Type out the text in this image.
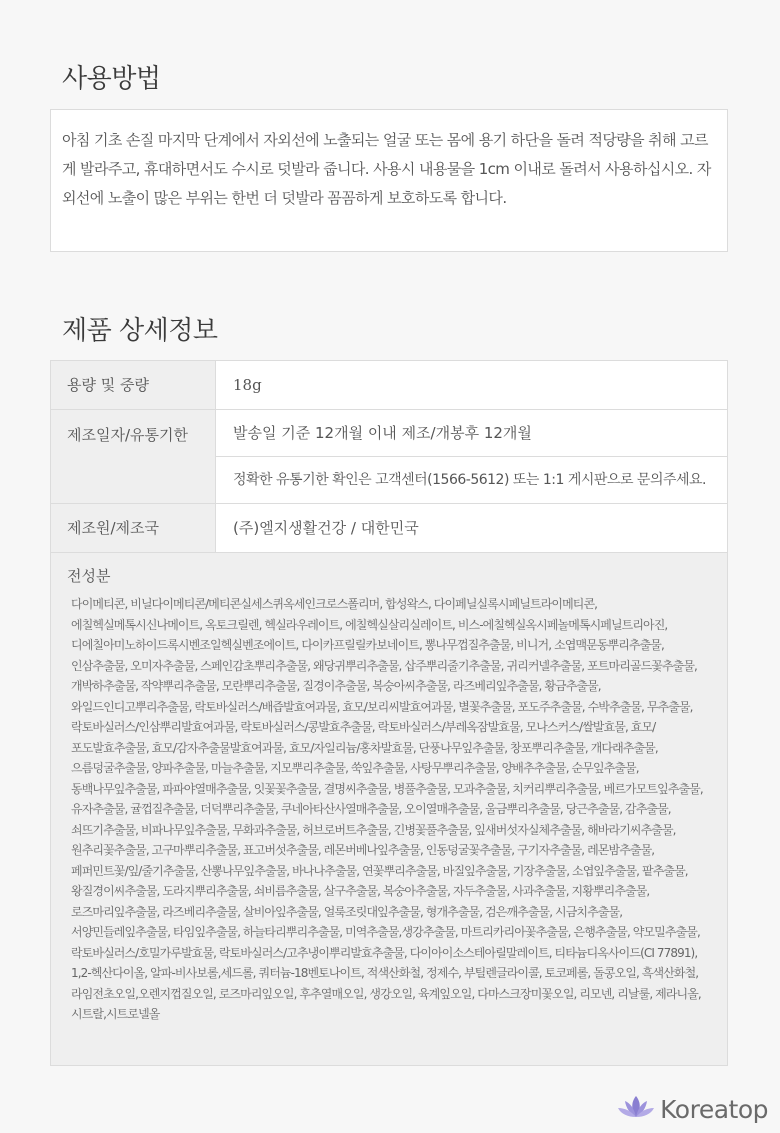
사용방법
아침 기초 손질 마지막 단계에서 자외선에 노출되는 얼굴 또는 몸에 용기 하단을 돌려 적당량을 취해 고르게 발라주고, 휴대하면서도 수시로 덧발라 줍니다. 사용시 내용물을 1cm 이내로 돌려서 사용하십시오. 자외선에 노출이 많은 부위는 한번 더 덧발라 꼼꼼하게 보호하도록 합니다.
제품 상세정보
용량 및 중량	18g
제조일자/유통기한	발송일 기준 12개월 이내 제조/개봉후 12개월
정확한 유통기한 확인은 고객센터(1566-5612) 또는 1:1 게시판으로 문의주세요.
제조원/제조국	(주)엘지생활건강 / 대한민국
전성분
다이메티콘, 비닐다이메티콘/메티콘실세스퀴옥세인크로스폴리머, 합성왁스, 다이페닐실록시페닐트라이메티콘, 에칠헥실메톡시신나메이트, 옥토크릴렌, 헥실라우레이트, 에칠헥실살리실레이트, 비스-에칠헥실옥시페놀메톡시페닐트리아진, 디에칠아미노하이드록시벤조일헥실벤조에이트, 다이카프릴릴카보네이트, 뽕나무껍질추출물, 비니거, 소엽맥문동뿌리추출물, 인삼추출물, 오미자추출물, 스페인감초뿌리추출물, 왜당귀뿌리추출물, 삽주뿌리줄기추출물, 귀리커넬추출물, 포트마리골드꽃추출물, 개박하추출물, 작약뿌리추출물, 모란뿌리추출물, 질경이추출물, 복숭아씨추출물, 라즈베리잎추출물, 황금추출물, 와일드인디고뿌리추출물, 락토바실러스/배즙발효여과물, 효모/보리씨발효여과물, 별꽃추출물, 포도주추출물, 수박추출물, 무추출물, 락토바실러스/인삼뿌리발효여과물, 락토바실러스/콩발효추출물, 락토바실러스/부레옥잠발효물, 모나스커스/쌀발효물, 효모/포도발효추출물, 효모/감자추출물발효여과물, 효모/자일리늄/홍차발효물, 단풍나무잎추출물, 창포뿌리추출물, 개다래추출물, 으름덩굴추출물, 양파추출물, 마늘추출물, 지모뿌리추출물, 쑥잎추출물, 사탕무뿌리추출물, 양배추추출물, 순무잎추출물, 동백나무잎추출물, 파파야열매추출물, 잇꽃꽃추출물, 결명씨추출물, 병풀추출물, 모과추출물, 치커리뿌리추출물, 베르가모트잎추출물, 유자추출물, 귤껍질추출물, 더덕뿌리추출물, 쿠네아타산사열매추출물, 오이열매추출물, 울금뿌리추출물, 당근추출물, 감추출물, 쇠뜨기추출물, 비파나무잎추출물, 무화과추출물, 허브로버트추출물, 긴병꽃풀추출물, 잎새버섯자실체추출물, 해바라기씨추출물, 원추리꽃추출물, 고구마뿌리추출물, 표고버섯추출물, 레몬버베나잎추출물, 인동덩굴꽃추출물, 구기자추출물, 레몬밤추출물, 페퍼민트꽃/잎/줄기추출물, 산뽕나무잎추출물, 바나나추출물, 연꽃뿌리추출물, 바질잎추출물, 기장추출물, 소엽잎추출물, 팥추출물, 왕질경이씨추출물, 도라지뿌리추출물, 쇠비름추출물, 살구추출물, 복숭아추출물, 자두추출물, 사과추출물, 지황뿌리추출물, 로즈마리잎추출물, 라즈베리추출물, 살비아잎추출물, 얼룩조릿대잎추출물, 형개추출물, 검은깨추출물, 시금치추출물, 서양민들레잎추출물, 타임잎추출물, 하늘타리뿌리추출물, 미역추출물,생강추출물, 마트리카리아꽃추출물, 은행추출물, 약모밀추출물, 락토바실러스/호밀가루발효물, 락토바실러스/고추냉이뿌리발효추출물, 다이아이소스테아릴말레이트, 티타늄디옥사이드(CI 77891), 1,2-헥산다이올, 알파-비사보롤,세드롤, 쿼터늄-18벤토나이트, 적색산화철, 정제수, 부틸렌글라이콜, 토코페롤, 돌콩오일, 흑색산화철, 라임전초오일,오렌지껍질오일, 로즈마리잎오일, 후추열매오일, 생강오일, 육계잎오일, 다마스크장미꽃오일, 리모넨, 리날룰, 제라니올, 시트랄,시트로넬올
Koreatop
